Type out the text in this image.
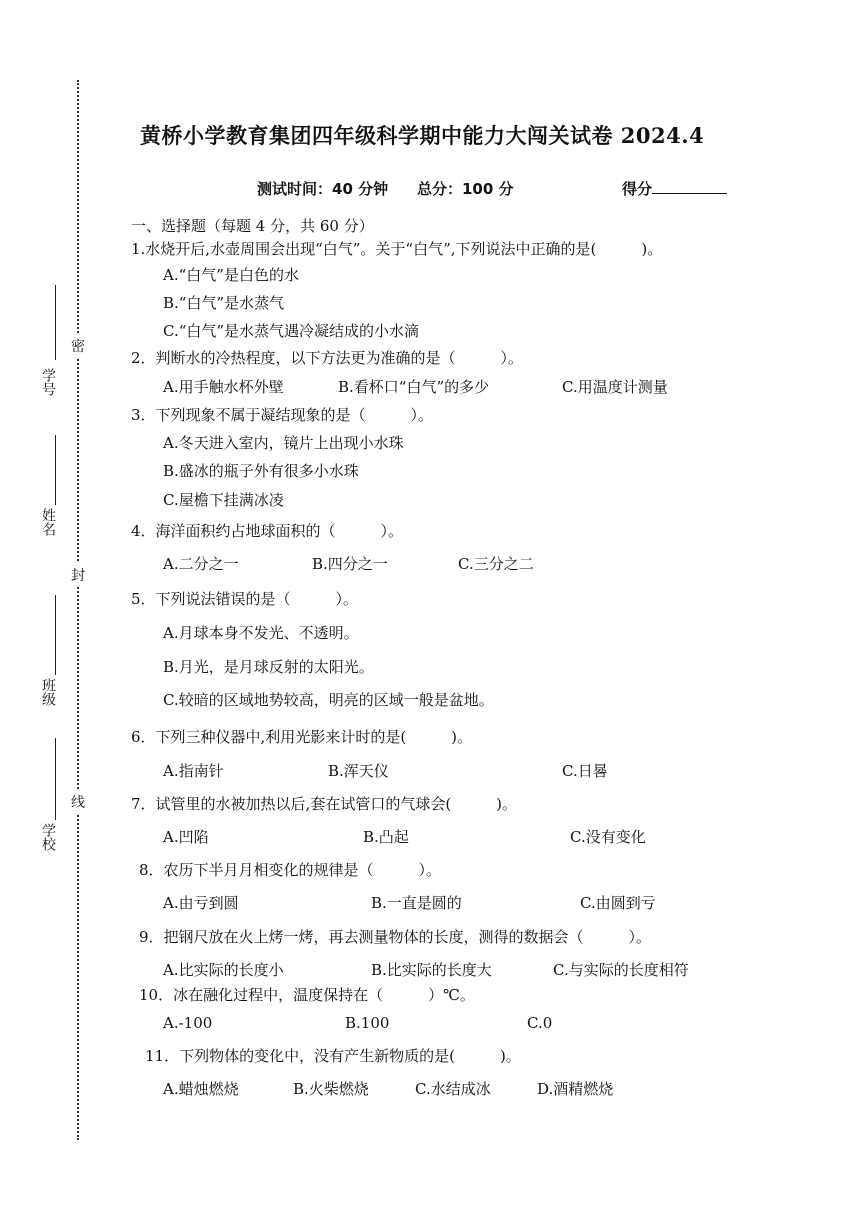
学号
姓名
班级
学校
密
封
线
黄桥小学教育集团四年级科学期中能力大闯关试卷 2024.4
测试时间：40 分钟 总分：100 分	得分
一、选择题（每题 4 分，共 60 分）
1.水烧开后,水壶周围会出现“白气”。关于“白气”,下列说法中正确的是(　　　)。
A.“白气”是白色的水
B.“白气”是水蒸气
C.“白气”是水蒸气遇冷凝结成的小水滴
2．判断水的冷热程度，以下方法更为准确的是（　　　）。
A.用手触水杯外壁	B.看杯口“白气”的多少	C.用温度计测量
3．下列现象不属于凝结现象的是（　　　）。
A.冬天进入室内，镜片上出现小水珠
B.盛冰的瓶子外有很多小水珠
C.屋檐下挂满冰凌
4．海洋面积约占地球面积的（　　　）。
A.二分之一	B.四分之一	C.三分之二
5．下列说法错误的是（　　　）。
A.月球本身不发光、不透明。
B.月光，是月球反射的太阳光。
C.较暗的区域地势较高，明亮的区域一般是盆地。
6．下列三种仪器中,利用光影来计时的是(　　　)。
A.指南针	B.浑天仪	C.日晷
7．试管里的水被加热以后,套在试管口的气球会(　　　)。
A.凹陷	B.凸起	C.没有变化
8．农历下半月月相变化的规律是（　　　）。
A.由亏到圆	B.一直是圆的	C.由圆到亏
9．把钢尺放在火上烤一烤，再去测量物体的长度，测得的数据会（　　　）。
A.比实际的长度小	B.比实际的长度大	C.与实际的长度相符
10．冰在融化过程中，温度保持在（　　　）℃。
A.-100	B.100	C.0
11．下列物体的变化中，没有产生新物质的是(　　　)。
A.蜡烛燃烧	B.火柴燃烧	C.水结成冰	D.酒精燃烧
